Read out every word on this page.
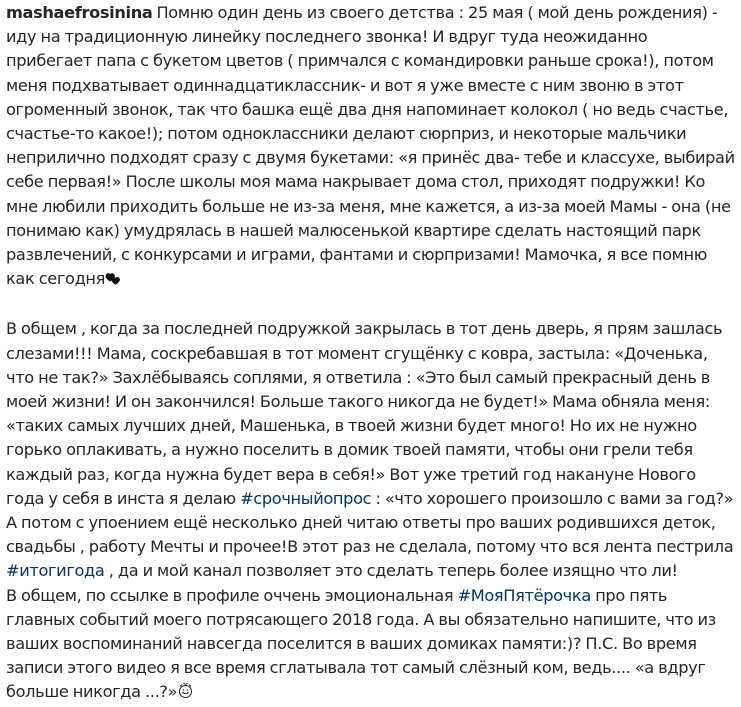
mashaefrosinina Помню один день из своего детства : 25 мая ( мой день рождения) - иду на традиционную линейку последнего звонка! И вдруг туда неожиданно прибегает папа с букетом цветов ( примчался с командировки раньше срока!), потом меня подхватывает одиннадцатиклассник- и вот я уже вместе с ним звоню в этот огроменный звонок, так что башка ещё два дня напоминает колокол ( но ведь счастье, счастье-то какое!); потом одноклассники делают сюрприз, и некоторые мальчики неприлично подходят сразу с двумя букетами: «я принёс два- тебе и классухе, выбирай себе первая!» После школы моя мама накрывает дома стол, приходят подружки! Ко мне любили приходить больше не из-за меня, мне кажется, а из-за моей Мамы - она (не понимаю как) умудрялась в нашей малюсенькой квартире сделать настоящий парк развлечений, с конкурсами и играми, фантами и сюрпризами! Мамочка, я все помню как сегодня

В общем , когда за последней подружкой закрылась в тот день дверь, я прям зашлась слезами!!! Мама, соскребавшая в тот момент сгущёнку с ковра, застыла: «Доченька, что не так?» Захлёбываясь соплями, я ответила : «Это был самый прекрасный день в моей жизни! И он закончился! Больше такого никогда не будет!» Мама обняла меня: «таких самых лучших дней, Машенька, в твоей жизни будет много! Но их не нужно горько оплакивать, а нужно поселить в домик твоей памяти, чтобы они грели тебя каждый раз, когда нужна будет вера в себя!» Вот уже третий год накануне Нового года у себя в инста я делаю #срочныйопрос : «что хорошего произошло с вами за год?» А потом с упоением ещё несколько дней читаю ответы про ваших родившихся деток, свадьбы , работу Мечты и прочее!В этот раз не сделала, потому что вся лента пестрила #итогигода , да и мой канал позволяет это сделать теперь более изящно что ли!

В общем, по ссылке в профиле оччень эмоциональная #МояПятёрочка про пять главных событий моего потрясающего 2018 года. А вы обязательно напишите, что из ваших воспоминаний навсегда поселится в ваших домиках памяти:)? П.С. Во время записи этого видео я все время сглатывала тот самый слёзный ком, ведь.... «а вдруг больше никогда ...?»
